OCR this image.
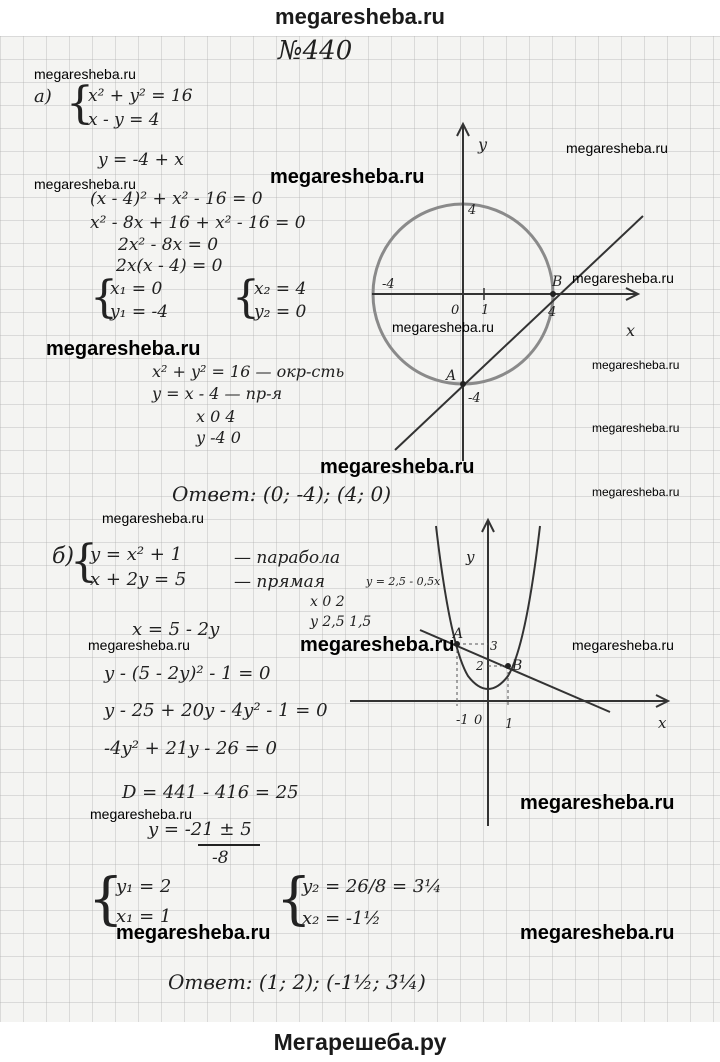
megaresheba.ru
№440
а) {
x² + y² = 16
x - y = 4
y = -4 + x
(x - 4)² + x² - 16 = 0
x² - 8x + 16 + x² - 16 = 0
2x² - 8x = 0
2x(x - 4) = 0
{
x₁ = 0
y₁ = -4 {
x₂ = 4
y₂ = 0
x² + y² = 16 — окр-сть
y = x - 4 — пр-я
x 0 4
y -4 0
Ответ: (0; -4); (4; 0)
y
x
0 1	4
-4
4
-4
A
B
б)
{
y = x² + 1
x + 2y = 5
— парабола
— прямая	y = 2,5 - 0,5x
x 0 2
y 2,5 1,5
x = 5 - 2y
y - (5 - 2y)² - 1 = 0
y - 25 + 20y - 4y² - 1 = 0
-4y² + 21y - 26 = 0
D = 441 - 416 = 25
y = -21 ± 5
-8
{
y₁ = 2
x₁ = 1 {
y₂ = 26/8 = 3¼
x₂ = -1½
Ответ: (1; 2); (-1½; 3¼)
y
x
-1 0 1
3
2
A
B
megaresheba.ru
megaresheba.ru
megaresheba.ru	megaresheba.ru
megaresheba.ru
megaresheba.ru
megaresheba.ru
megaresheba.ru
megaresheba.ru
megaresheba.ru
megaresheba.ru
megaresheba.ru
megaresheba.ru	megaresheba.ru	megaresheba.ru
megaresheba.ru
megaresheba.ru
megaresheba.ru	megaresheba.ru
Мегарешеба.ру
